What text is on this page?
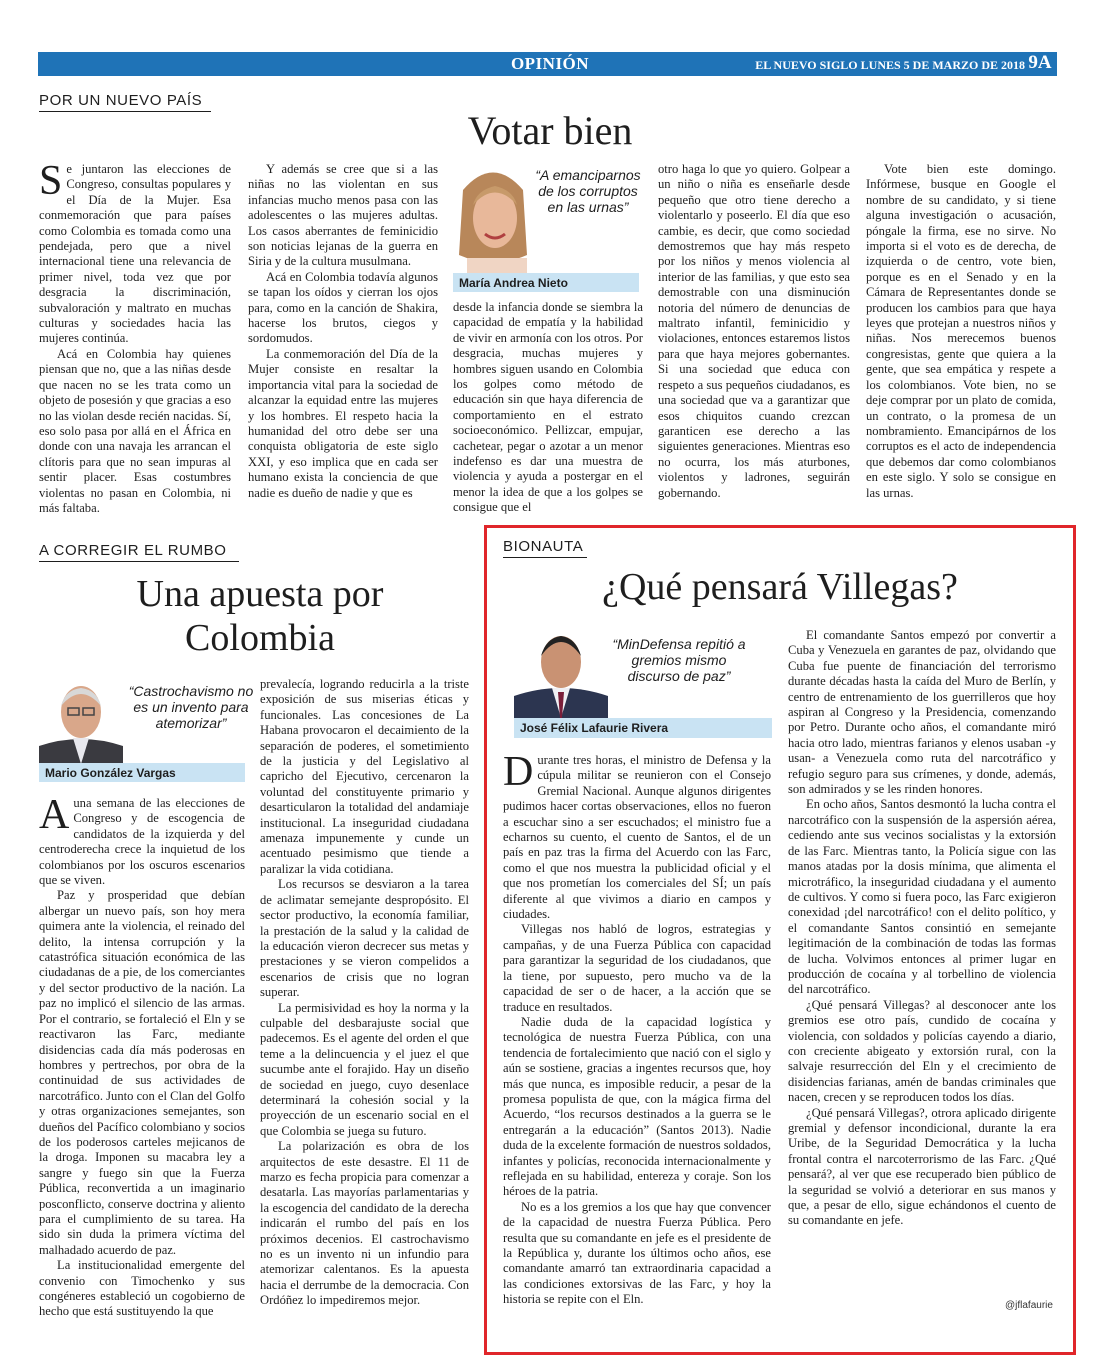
OPINIÓN	EL NUEVO SIGLO LUNES 5 DE MARZO DE 2018 9A
POR UN NUEVO PAÍS
Votar bien
S e juntaron las elecciones de Congreso, consultas populares y el Día de la Mujer. Esa conmemoración que para países como Colombia es tomada como una pendejada, pero que a nivel internacional tiene una relevancia de primer nivel, toda vez que por desgracia la discriminación, subvaloración y maltrato en muchas culturas y sociedades hacia las mujeres continúa.

Acá en Colombia hay quienes piensan que no, que a las niñas desde que nacen no se les trata como un objeto de posesión y que gracias a eso no las violan desde recién nacidas. Sí, eso solo pasa por allá en el África en donde con una navaja les arrancan el clítoris para que no sean impuras al sentir placer. Esas costumbres violentas no pasan en Colombia, ni más faltaba.

Y además se cree que si a las niñas no las violentan en sus infancias mucho menos pasa con las adolescentes o las mujeres adultas. Los casos aberrantes de feminicidio son noticias lejanas de la guerra en Siria y de la cultura musulmana.

Acá en Colombia todavía algunos se tapan los oídos y cierran los ojos para, como en la canción de Shakira, hacerse los brutos, ciegos y sordomudos.

La conmemoración del Día de la Mujer consiste en resaltar la importancia vital para la sociedad de alcanzar la equidad entre las mujeres y los hombres. El respeto hacia la humanidad del otro debe ser una conquista obligatoria de este siglo XXI, y eso implica que en cada ser humano exista la conciencia de que nadie es dueño de nadie y que es

“A emanciparnos de los corruptos en las urnas”
María Andrea Nieto

desde la infancia donde se siembra la capacidad de empatía y la habilidad de vivir en armonía con los otros. Por desgracia, muchas mujeres y hombres siguen usando en Colombia los golpes como método de educación sin que haya diferencia de comportamiento en el estrato socioeconómico. Pellizcar, empujar, cachetear, pegar o azotar a un menor indefenso es dar una muestra de violencia y ayuda a postergar en el menor la idea de que a los golpes se consigue que el

otro haga lo que yo quiero. Golpear a un niño o niña es enseñarle desde pequeño que otro tiene derecho a violentarlo y poseerlo. El día que eso cambie, es decir, que como sociedad demostremos que hay más respeto por los niños y menos violencia al interior de las familias, y que esto sea demostrable con una disminución notoria del número de denuncias de maltrato infantil, feminicidio y violaciones, entonces estaremos listos para que haya mejores gobernantes. Si una sociedad que educa con respeto a sus pequeños ciudadanos, es una sociedad que va a garantizar que esos chiquitos cuando crezcan garanticen ese derecho a las siguientes generaciones. Mientras eso no ocurra, los más aturbones, violentos y ladrones, seguirán gobernando.

Vote bien este domingo. Infórmese, busque en Google el nombre de su candidato, y si tiene alguna investigación o acusación, póngale la firma, ese no sirve. No importa si el voto es de derecha, de izquierda o de centro, vote bien, porque es en el Senado y en la Cámara de Representantes donde se producen los cambios para que haya leyes que protejan a nuestros niños y niñas. Nos merecemos buenos congresistas, gente que quiera a la gente, que sea empática y respete a los colombianos. Vote bien, no se deje comprar por un plato de comida, un contrato, o la promesa de un nombramiento. Emancipárnos de los corruptos es el acto de independencia que debemos dar como colombianos en este siglo. Y solo se consigue en las urnas.

A CORREGIR EL RUMBO
Una apuesta por Colombia
“Castrochavismo no es un invento para atemorizar”
Mario González Vargas
A una semana de las elecciones de Congreso y de escogencia de candidatos de la izquierda y del centroderecha crece la inquietud de los colombianos por los oscuros escenarios que se viven.

Paz y prosperidad que debían albergar un nuevo país, son hoy mera quimera ante la violencia, el reinado del delito, la intensa corrupción y la catastrófica situación económica de las ciudadanas de a pie, de los comerciantes y del sector productivo de la nación. La paz no implicó el silencio de las armas. Por el contrario, se fortaleció el Eln y se reactivaron las Farc, mediante disidencias cada día más poderosas en hombres y pertrechos, por obra de la continuidad de sus actividades de narcotráfico. Junto con el Clan del Golfo y otras organizaciones semejantes, son dueños del Pacífico colombiano y socios de los poderosos carteles mejicanos de la droga. Imponen su macabra ley a sangre y fuego sin que la Fuerza Pública, reconvertida a un imaginario posconflicto, conserve doctrina y aliento para el cumplimiento de su tarea. Ha sido sin duda la primera víctima del malhadado acuerdo de paz.

La institucionalidad emergente del convenio con Timochenko y sus congéneres estableció un cogobierno de hecho que está sustituyendo la que

prevalecía, logrando reducirla a la triste exposición de sus miserias éticas y funcionales. Las concesiones de La Habana provocaron el decaimiento de la separación de poderes, el sometimiento de la justicia y del Legislativo al capricho del Ejecutivo, cercenaron la voluntad del constituyente primario y desarticularon la totalidad del andamiaje institucional. La inseguridad ciudadana amenaza impunemente y cunde un acentuado pesimismo que tiende a paralizar la vida cotidiana.

Los recursos se desviaron a la tarea de aclimatar semejante despropósito. El sector productivo, la economía familiar, la prestación de la salud y la calidad de la educación vieron decrecer sus metas y prestaciones y se vieron compelidos a escenarios de crisis que no logran superar.

La permisividad es hoy la norma y la culpable del desbarajuste social que padecemos. Es el agente del orden el que teme a la delincuencia y el juez el que sucumbe ante el forajido. Hay un diseño de sociedad en juego, cuyo desenlace determinará la cohesión social y la proyección de un escenario social en el que Colombia se juega su futuro.

La polarización es obra de los arquitectos de este desastre. El 11 de marzo es fecha propicia para comenzar a desatarla. Las mayorías parlamentarias y la escogencia del candidato de la derecha indicarán el rumbo del país en los próximos decenios. El castrochavismo no es un invento ni un infundio para atemorizar calentanos. Es la apuesta hacia el derrumbe de la democracia. Con Ordóñez lo impediremos mejor.

BIONAUTA
¿Qué pensará Villegas?
“MinDefensa repitió a gremios mismo discurso de paz”
José Félix Lafaurie Rivera
D urante tres horas, el ministro de Defensa y la cúpula militar se reunieron con el Consejo Gremial Nacional. Aunque algunos dirigentes pudimos hacer cortas observaciones, ellos no fueron a escuchar sino a ser escuchados; el ministro fue a echarnos su cuento, el cuento de Santos, el de un país en paz tras la firma del Acuerdo con las Farc, como el que nos muestra la publicidad oficial y el que nos prometían los comerciales del SÍ; un país diferente al que vivimos a diario en campos y ciudades.

Villegas nos habló de logros, estrategias y campañas, y de una Fuerza Pública con capacidad para garantizar la seguridad de los ciudadanos, que la tiene, por supuesto, pero mucho va de la capacidad de ser o de hacer, a la acción que se traduce en resultados.

Nadie duda de la capacidad logística y tecnológica de nuestra Fuerza Pública, con una tendencia de fortalecimiento que nació con el siglo y aún se sostiene, gracias a ingentes recursos que, hoy más que nunca, es imposible reducir, a pesar de la promesa populista de que, con la mágica firma del Acuerdo, “los recursos destinados a la guerra se le entregarán a la educación” (Santos 2013). Nadie duda de la excelente formación de nuestros soldados, infantes y policías, reconocida internacionalmente y reflejada en su habilidad, entereza y coraje. Son los héroes de la patria.

No es a los gremios a los que hay que convencer de la capacidad de nuestra Fuerza Pública. Pero resulta que su comandante en jefe es el presidente de la República y, durante los últimos ocho años, ese comandante amarró tan extraordinaria capacidad a las condiciones extorsivas de las Farc, y hoy la historia se repite con el Eln.

El comandante Santos empezó por convertir a Cuba y Venezuela en garantes de paz, olvidando que Cuba fue puente de financiación del terrorismo durante décadas hasta la caída del Muro de Berlín, y centro de entrenamiento de los guerrilleros que hoy aspiran al Congreso y la Presidencia, comenzando por Petro. Durante ocho años, el comandante miró hacia otro lado, mientras farianos y elenos usaban -y usan- a Venezuela como ruta del narcotráfico y refugio seguro para sus crímenes, y donde, además, son admirados y se les rinden honores.

En ocho años, Santos desmontó la lucha contra el narcotráfico con la suspensión de la aspersión aérea, cediendo ante sus vecinos socialistas y la extorsión de las Farc. Mientras tanto, la Policía sigue con las manos atadas por la dosis mínima, que alimenta el microtráfico, la inseguridad ciudadana y el aumento de cultivos. Y como si fuera poco, las Farc exigieron conexidad ¡del narcotráfico! con el delito político, y el comandante Santos consintió en semejante legitimación de la combinación de todas las formas de lucha. Volvimos entonces al primer lugar en producción de cocaína y al torbellino de violencia del narcotráfico.

¿Qué pensará Villegas? al desconocer ante los gremios ese otro país, cundido de cocaína y violencia, con soldados y policías cayendo a diario, con creciente abigeato y extorsión rural, con la salvaje resurrección del Eln y el crecimiento de disidencias farianas, amén de bandas criminales que nacen, crecen y se reproducen todos los días.

¿Qué pensará Villegas?, otrora aplicado dirigente gremial y defensor incondicional, durante la era Uribe, de la Seguridad Democrática y la lucha frontal contra el narcoterrorismo de las Farc. ¿Qué pensará?, al ver que ese recuperado bien público de la seguridad se volvió a deteriorar en sus manos y que, a pesar de ello, sigue echándonos el cuento de su comandante en jefe.

@jflafaurie
